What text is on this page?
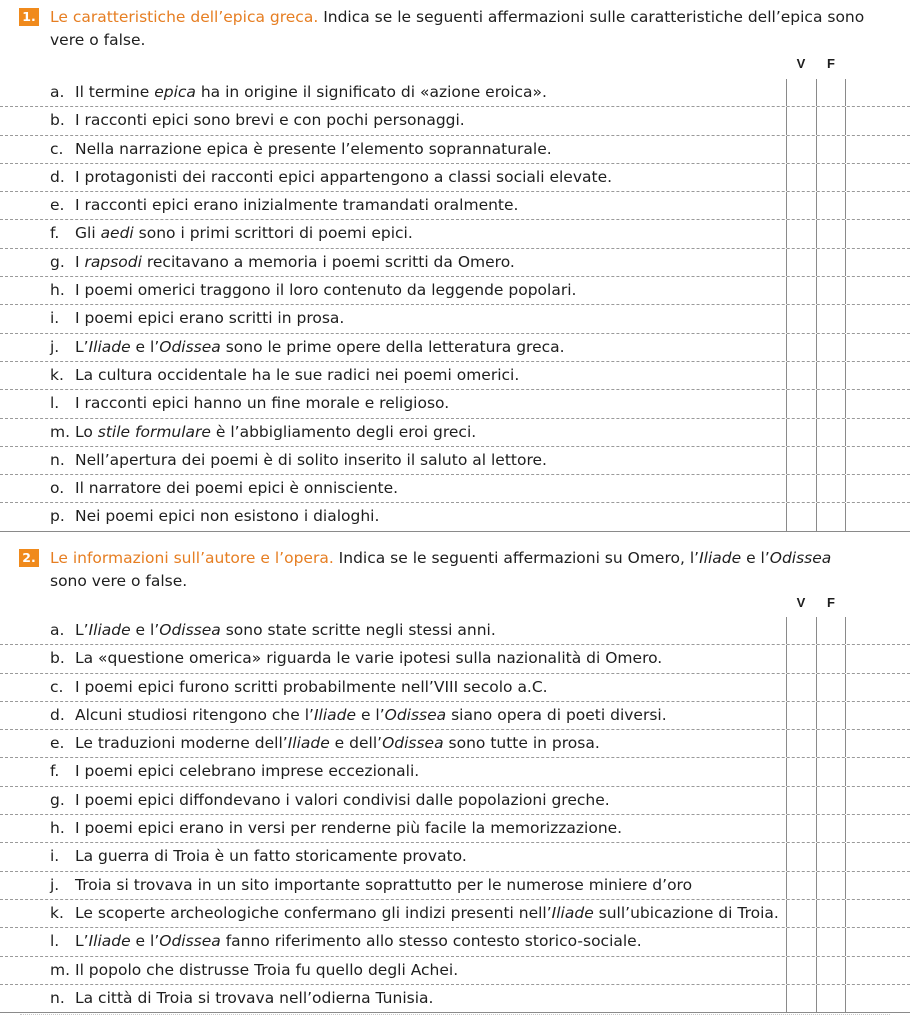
1. Le caratteristiche dell’epica greca. Indica se le seguenti affermazioni sulle caratteristiche dell’epica sono vere o false.
V	F
a. Il termine epica ha in origine il significato di «azione eroica».
b. I racconti epici sono brevi e con pochi personaggi.
c. Nella narrazione epica è presente l’elemento soprannaturale.
d. I protagonisti dei racconti epici appartengono a classi sociali elevate.
e. I racconti epici erano inizialmente tramandati oralmente.
f. Gli aedi sono i primi scrittori di poemi epici.
g. I rapsodi recitavano a memoria i poemi scritti da Omero.
h. I poemi omerici traggono il loro contenuto da leggende popolari.
i. I poemi epici erano scritti in prosa.
j. L’Iliade e l’Odissea sono le prime opere della letteratura greca.
k. La cultura occidentale ha le sue radici nei poemi omerici.
l. I racconti epici hanno un fine morale e religioso.
m. Lo stile formulare è l’abbigliamento degli eroi greci.
n. Nell’apertura dei poemi è di solito inserito il saluto al lettore.
o. Il narratore dei poemi epici è onnisciente.
p. Nei poemi epici non esistono i dialoghi.
2. Le informazioni sull’autore e l’opera. Indica se le seguenti affermazioni su Omero, l’Iliade e l’Odissea sono vere o false.
V	F
a. L’Iliade e l’Odissea sono state scritte negli stessi anni.
b. La «questione omerica» riguarda le varie ipotesi sulla nazionalità di Omero.
c. I poemi epici furono scritti probabilmente nell’VIII secolo a.C.
d. Alcuni studiosi ritengono che l’Iliade e l’Odissea siano opera di poeti diversi.
e. Le traduzioni moderne dell’Iliade e dell’Odissea sono tutte in prosa.
f. I poemi epici celebrano imprese eccezionali.
g. I poemi epici diffondevano i valori condivisi dalle popolazioni greche.
h. I poemi epici erano in versi per renderne più facile la memorizzazione.
i. La guerra di Troia è un fatto storicamente provato.
j. Troia si trovava in un sito importante soprattutto per le numerose miniere d’oro
k. Le scoperte archeologiche confermano gli indizi presenti nell’Iliade sull’ubicazione di Troia.
l. L’Iliade e l’Odissea fanno riferimento allo stesso contesto storico-sociale.
m. Il popolo che distrusse Troia fu quello degli Achei.
n. La città di Troia si trovava nell’odierna Tunisia.
